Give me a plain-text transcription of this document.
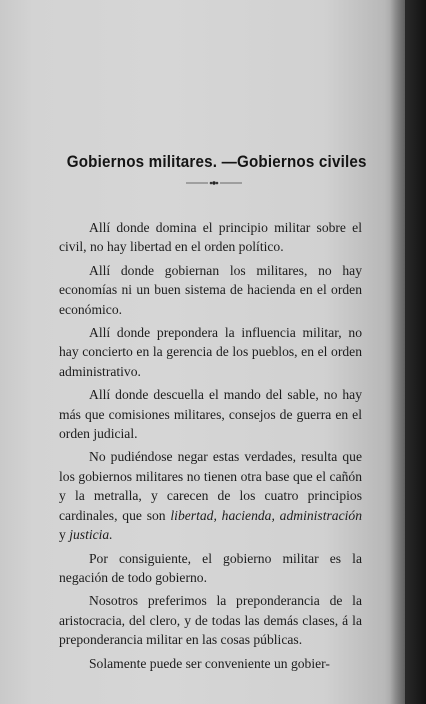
Gobiernos militares. —Gobiernos civiles

Allí donde domina el principio militar sobre el civil, no hay libertad en el orden político.

Allí donde gobiernan los militares, no hay economías ni un buen sistema de hacienda en el orden económico.

Allí donde prepondera la influencia militar, no hay concierto en la gerencia de los pueblos, en el orden administrativo.

Allí donde descuella el mando del sable, no hay más que comisiones militares, consejos de guerra en el orden judicial.

No pudiéndose negar estas verdades, resulta que los gobiernos militares no tienen otra base que el cañón y la metralla, y carecen de los cuatro principios cardinales, que son libertad, hacienda, administración y justicia.

Por consiguiente, el gobierno militar es la negación de todo gobierno.

Nosotros preferimos la preponderancia de la aristocracia, del clero, y de todas las demás clases, á la preponderancia militar en las cosas públicas.

Solamente puede ser conveniente un gobier-
